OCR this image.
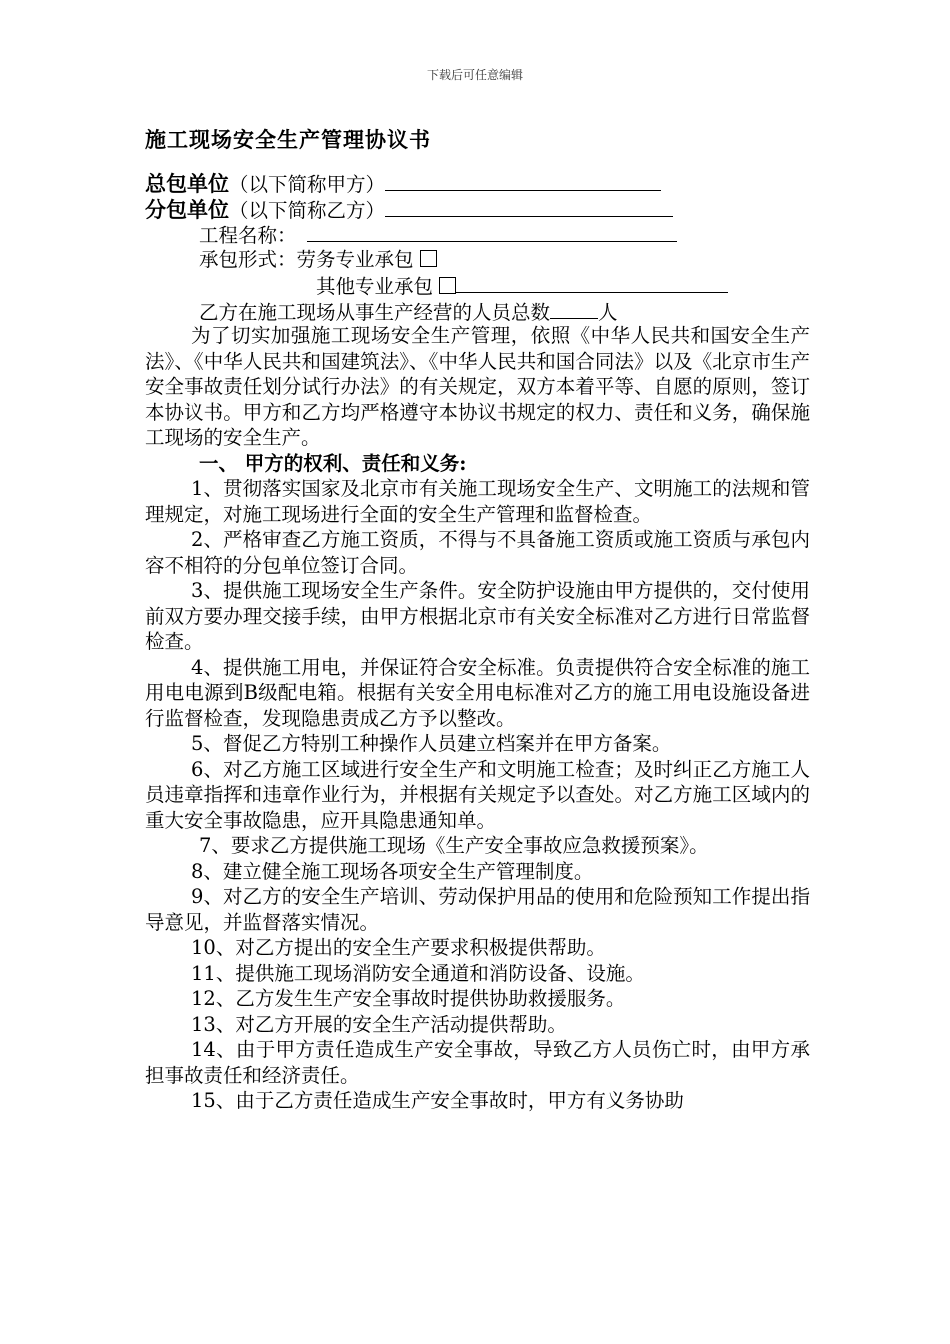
下载后可任意编辑
施工现场安全生产管理协议书
总包单位（以下简称甲方）
分包单位（以下简称乙方）
工程名称：
承包形式：劳务专业承包
其他专业承包
乙方在施工现场从事生产经营的人员总数 人
为了切实加强施工现场安全生产管理，依照《中华人民共和国安全生产法》、《中华人民共和国建筑法》、《中华人民共和国合同法》以及《北京市生产安全事故责任划分试行办法》的有关规定，双方本着平等、自愿的原则，签订本协议书。甲方和乙方均严格遵守本协议书规定的权力、责任和义务，确保施工现场的安全生产。
一、 甲方的权利、责任和义务:
1、贯彻落实国家及北京市有关施工现场安全生产、文明施工的法规和管理规定，对施工现场进行全面的安全生产管理和监督检查。
2、严格审查乙方施工资质，不得与不具备施工资质或施工资质与承包内容不相符的分包单位签订合同。
3、提供施工现场安全生产条件。安全防护设施由甲方提供的，交付使用前双方要办理交接手续，由甲方根据北京市有关安全标准对乙方进行日常监督检查。
4、提供施工用电，并保证符合安全标准。负责提供符合安全标准的施工用电电源到B级配电箱。根据有关安全用电标准对乙方的施工用电设施设备进行监督检查，发现隐患责成乙方予以整改。
5、督促乙方特别工种操作人员建立档案并在甲方备案。
6、对乙方施工区域进行安全生产和文明施工检查；及时纠正乙方施工人员违章指挥和违章作业行为，并根据有关规定予以查处。对乙方施工区域内的重大安全事故隐患，应开具隐患通知单。
7、要求乙方提供施工现场《生产安全事故应急救援预案》。
8、建立健全施工现场各项安全生产管理制度。
9、对乙方的安全生产培训、劳动保护用品的使用和危险预知工作提出指导意见，并监督落实情况。
10、对乙方提出的安全生产要求积极提供帮助。
11、提供施工现场消防安全通道和消防设备、设施。
12、乙方发生生产安全事故时提供协助救援服务。
13、对乙方开展的安全生产活动提供帮助。
14、由于甲方责任造成生产安全事故，导致乙方人员伤亡时，由甲方承担事故责任和经济责任。
15、由于乙方责任造成生产安全事故时，甲方有义务协助
